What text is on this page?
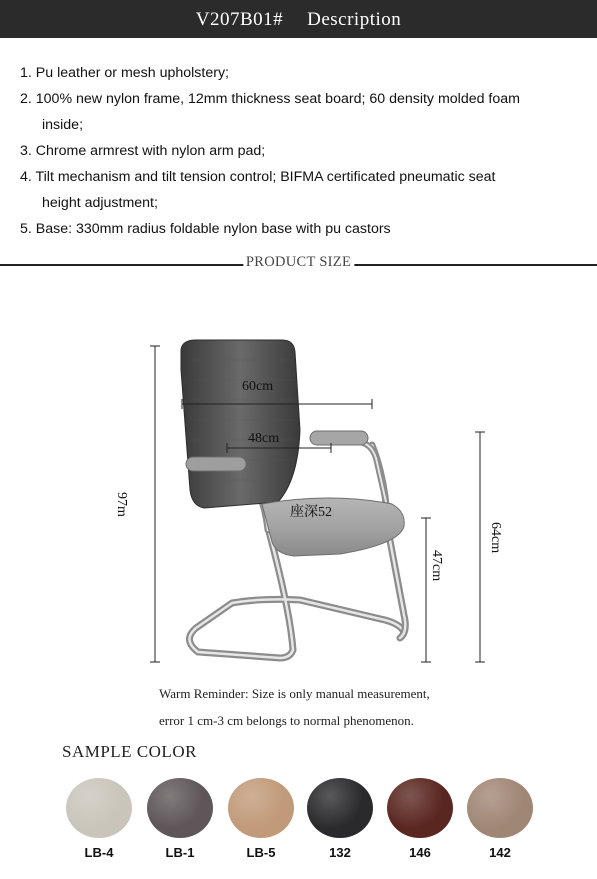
V207B01# Description
1. Pu leather or mesh upholstery;
2. 100% new nylon frame, 12mm thickness seat board; 60 density molded foam
inside;
3. Chrome armrest with nylon arm pad;
4. Tilt mechanism and tilt tension control; BIFMA certificated pneumatic seat
height adjustment;
5. Base: 330mm radius foldable nylon base with pu castors
PRODUCT SIZE
60cm
48cm
座深52
97m
64cm
47cm
Warm Reminder: Size is only manual measurement,
error 1 cm-3 cm belongs to normal phenomenon.
SAMPLE COLOR
LB-4	LB-1	LB-5	132	146	142
